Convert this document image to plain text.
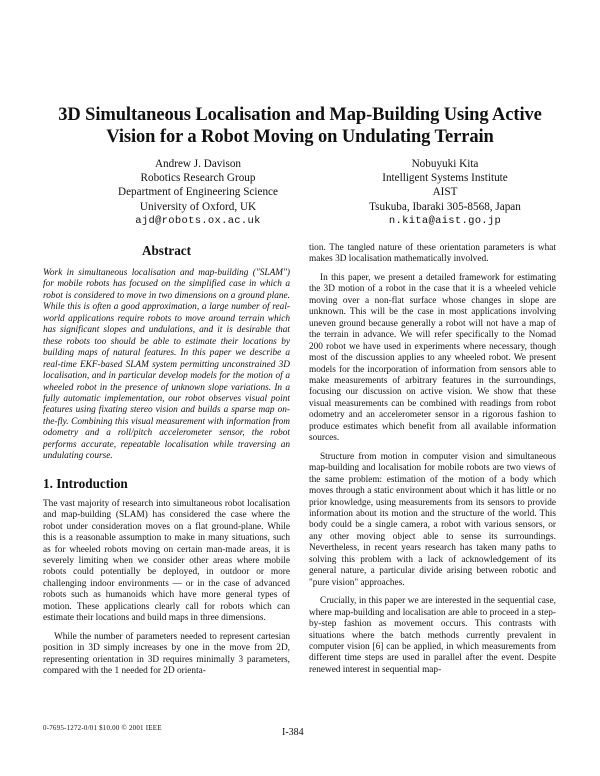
3D Simultaneous Localisation and Map-Building Using Active
Vision for a Robot Moving on Undulating Terrain
Andrew J. Davison
Robotics Research Group
Department of Engineering Science
University of Oxford, UK
ajd@robots.ox.ac.uk
Nobuyuki Kita
Intelligent Systems Institute
AIST
Tsukuba, Ibaraki 305-8568, Japan
n.kita@aist.go.jp
Abstract

Work in simultaneous localisation and map-building ("SLAM") for mobile robots has focused on the simplified case in which a robot is considered to move in two dimensions on a ground plane. While this is often a good approximation, a large number of real-world applications require robots to move around terrain which has significant slopes and undulations, and it is desirable that these robots too should be able to estimate their locations by building maps of natural features. In this paper we describe a real-time EKF-based SLAM system permitting unconstrained 3D localisation, and in particular develop models for the motion of a wheeled robot in the presence of unknown slope variations. In a fully automatic implementation, our robot observes visual point features using fixating stereo vision and builds a sparse map on-the-fly. Combining this visual measurement with information from odometry and a roll/pitch accelerometer sensor, the robot performs accurate, repeatable localisation while traversing an undulating course.

1. Introduction

The vast majority of research into simultaneous robot localisation and map-building (SLAM) has considered the case where the robot under consideration moves on a flat ground-plane. While this is a reasonable assumption to make in many situations, such as for wheeled robots moving on certain man-made areas, it is severely limiting when we consider other areas where mobile robots could potentially be deployed, in outdoor or more challenging indoor environments — or in the case of advanced robots such as humanoids which have more general types of motion. These applications clearly call for robots which can estimate their locations and build maps in three dimensions.

While the number of parameters needed to represent cartesian position in 3D simply increases by one in the move from 2D, representing orientation in 3D requires minimally 3 parameters, compared with the 1 needed for 2D orienta-

tion. The tangled nature of these orientation parameters is what makes 3D localisation mathematically involved.

In this paper, we present a detailed framework for estimating the 3D motion of a robot in the case that it is a wheeled vehicle moving over a non-flat surface whose changes in slope are unknown. This will be the case in most applications involving uneven ground because generally a robot will not have a map of the terrain in advance. We will refer specifically to the Nomad 200 robot we have used in experiments where necessary, though most of the discussion applies to any wheeled robot. We present models for the incorporation of information from sensors able to make measurements of arbitrary features in the surroundings, focusing our discussion on active vision. We show that these visual measurements can be combined with readings from robot odometry and an accelerometer sensor in a rigorous fashion to produce estimates which benefit from all available information sources.

Structure from motion in computer vision and simultaneous map-building and localisation for mobile robots are two views of the same problem: estimation of the motion of a body which moves through a static environment about which it has little or no prior knowledge, using measurements from its sensors to provide information about its motion and the structure of the world. This body could be a single camera, a robot with various sensors, or any other moving object able to sense its surroundings. Nevertheless, in recent years research has taken many paths to solving this problem with a lack of acknowledgement of its general nature, a particular divide arising between robotic and "pure vision" approaches.

Crucially, in this paper we are interested in the sequential case, where map-building and localisation are able to proceed in a step-by-step fashion as movement occurs. This contrasts with situations where the batch methods currently prevalent in computer vision [6] can be applied, in which measurements from different time steps are used in parallel after the event. Despite renewed interest in sequential map-

0-7695-1272-0/01 $10.00 © 2001 IEEE	I-384
